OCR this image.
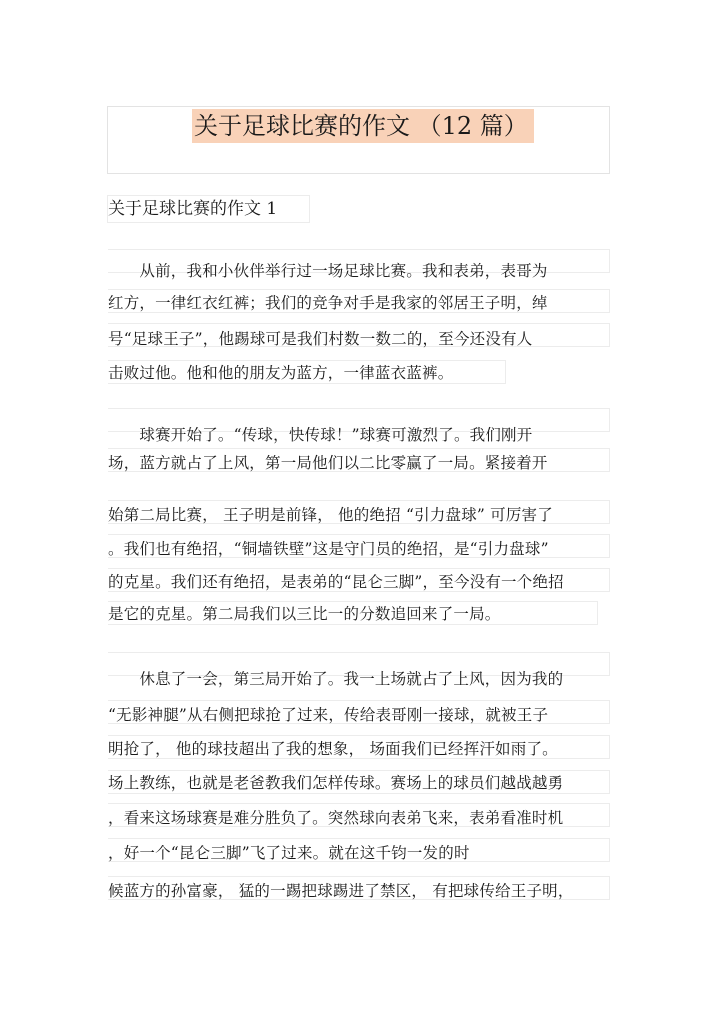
关于足球比赛的作文 （12 篇）
关于足球比赛的作文 1
　　从前，我和小伙伴举行过一场足球比赛。我和表弟，表哥为
红方，一律红衣红裤；我们的竞争对手是我家的邻居王子明，绰
号“足球王子”，他踢球可是我们村数一数二的，至今还没有人
击败过他。他和他的朋友为蓝方，一律蓝衣蓝裤。
　　球赛开始了。“传球，快传球！”球赛可激烈了。我们刚开
场，蓝方就占了上风，第一局他们以二比零赢了一局。紧接着开
始第二局比赛， 王子明是前锋， 他的绝招 “引力盘球” 可厉害了
。我们也有绝招，“铜墙铁壁”这是守门员的绝招，是“引力盘球”
的克星。我们还有绝招，是表弟的“昆仑三脚”，至今没有一个绝招
是它的克星。第二局我们以三比一的分数追回来了一局。
　　休息了一会，第三局开始了。我一上场就占了上风，因为我的
“无影神腿”从右侧把球抢了过来，传给表哥刚一接球，就被王子
明抢了， 他的球技超出了我的想象， 场面我们已经挥汗如雨了。
场上教练，也就是老爸教我们怎样传球。赛场上的球员们越战越勇
，看来这场球赛是难分胜负了。突然球向表弟飞来，表弟看准时机
，好一个“昆仑三脚”飞了过来。就在这千钧一发的时
候蓝方的孙富豪， 猛的一踢把球踢进了禁区， 有把球传给王子明，
